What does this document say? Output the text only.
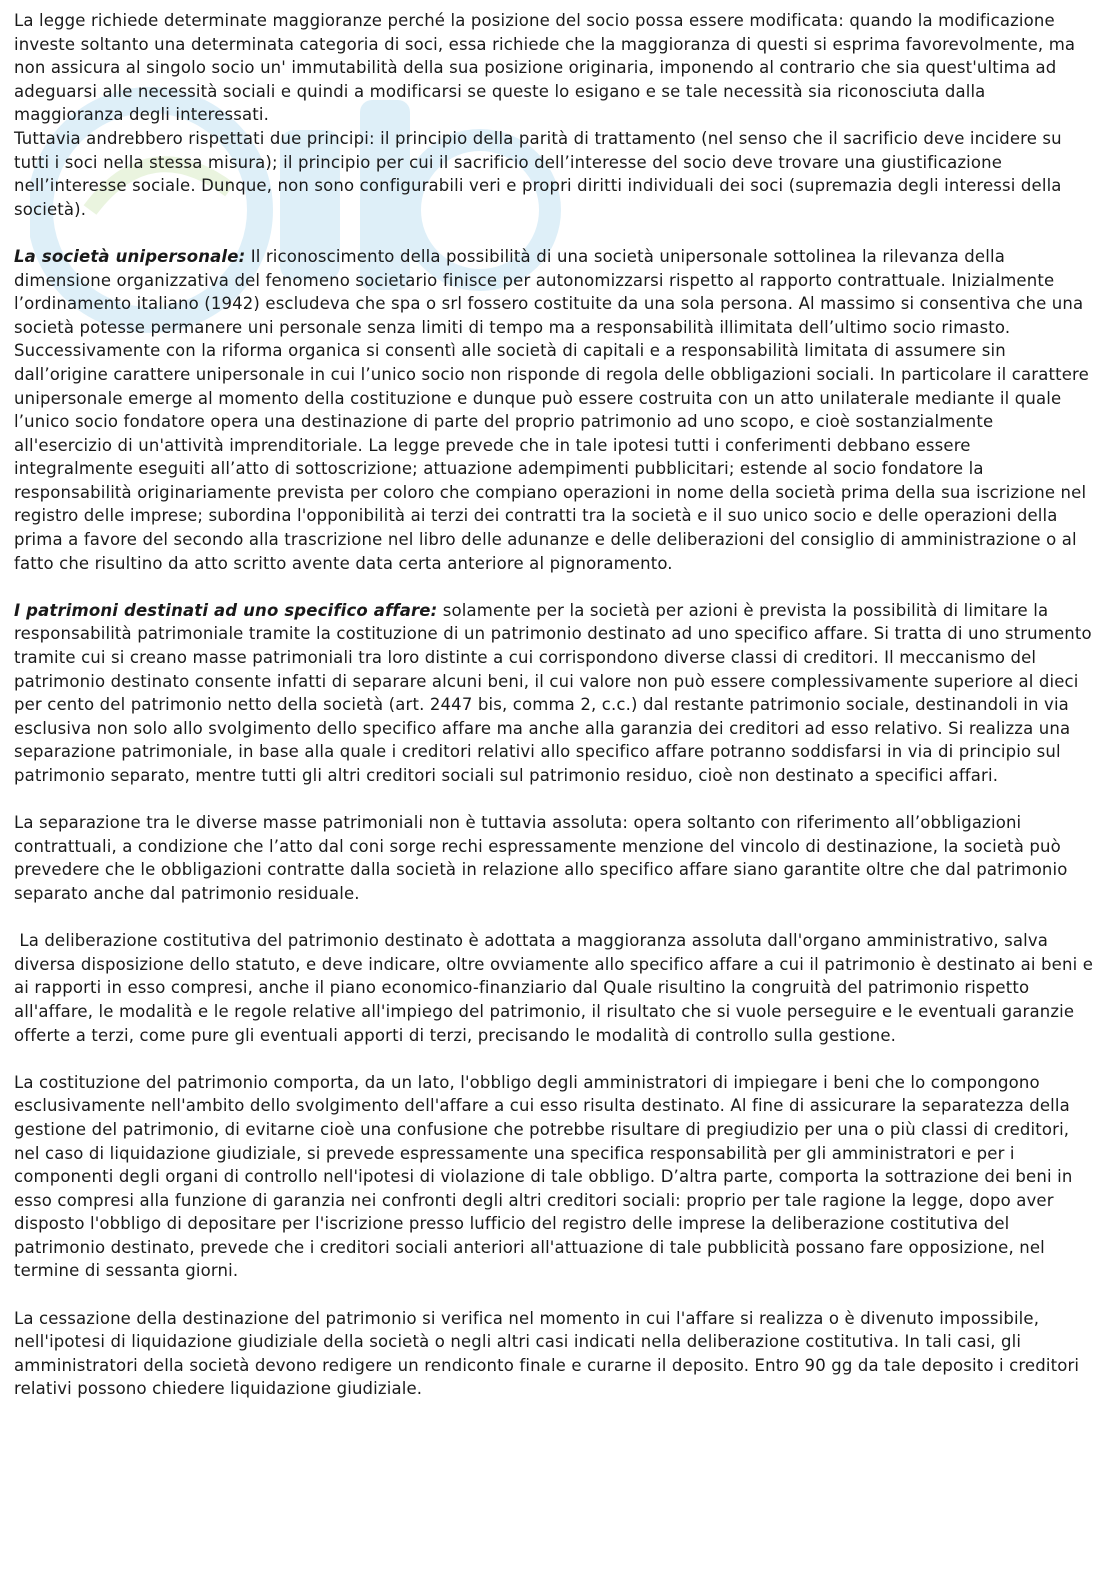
La legge richiede determinate maggioranze perché la posizione del socio possa essere modificata: quando la modificazione investe soltanto una determinata categoria di soci, essa richiede che la maggioranza di questi si esprima favorevolmente, ma non assicura al singolo socio un' immutabilità della sua posizione originaria, imponendo al contrario che sia quest'ultima ad adeguarsi alle necessità sociali e quindi a modificarsi se queste lo esigano e se tale necessità sia riconosciuta dalla maggioranza degli interessati.

Tuttavia andrebbero rispettati due principi: il principio della parità di trattamento (nel senso che il sacrificio deve incidere su tutti i soci nella stessa misura); il principio per cui il sacrificio dell’interesse del socio deve trovare una giustificazione nell’interesse sociale. Dunque, non sono configurabili veri e propri diritti individuali dei soci (supremazia degli interessi della società).

La società unipersonale: Il riconoscimento della possibilità di una società unipersonale sottolinea la rilevanza della dimensione organizzativa del fenomeno societario finisce per autonomizzarsi rispetto al rapporto contrattuale. Inizialmente l’ordinamento italiano (1942) escludeva che spa o srl fossero costituite da una sola persona. Al massimo si consentiva che una società potesse permanere uni personale senza limiti di tempo ma a responsabilità illimitata dell’ultimo socio rimasto. Successivamente con la riforma organica si consentì alle società di capitali e a responsabilità limitata di assumere sin dall’origine carattere unipersonale in cui l’unico socio non risponde di regola delle obbligazioni sociali. In particolare il carattere unipersonale emerge al momento della costituzione e dunque può essere costruita con un atto unilaterale mediante il quale l’unico socio fondatore opera una destinazione di parte del proprio patrimonio ad uno scopo, e cioè sostanzialmente all'esercizio di un'attività imprenditoriale. La legge prevede che in tale ipotesi tutti i conferimenti debbano essere integralmente eseguiti all’atto di sottoscrizione; attuazione adempimenti pubblicitari; estende al socio fondatore la responsabilità originariamente prevista per coloro che compiano operazioni in nome della società prima della sua iscrizione nel registro delle imprese; subordina l'opponibilità ai terzi dei contratti tra la società e il suo unico socio e delle operazioni della prima a favore del secondo alla trascrizione nel libro delle adunanze e delle deliberazioni del consiglio di amministrazione o al fatto che risultino da atto scritto avente data certa anteriore al pignoramento.

I patrimoni destinati ad uno specifico affare: solamente per la società per azioni è prevista la possibilità di limitare la responsabilità patrimoniale tramite la costituzione di un patrimonio destinato ad uno specifico affare. Si tratta di uno strumento tramite cui si creano masse patrimoniali tra loro distinte a cui corrispondono diverse classi di creditori. Il meccanismo del patrimonio destinato consente infatti di separare alcuni beni, il cui valore non può essere complessivamente superiore al dieci per cento del patrimonio netto della società (art. 2447 bis, comma 2, c.c.) dal restante patrimonio sociale, destinandoli in via esclusiva non solo allo svolgimento dello specifico affare ma anche alla garanzia dei creditori ad esso relativo. Si realizza una separazione patrimoniale, in base alla quale i creditori relativi allo specifico affare potranno soddisfarsi in via di principio sul patrimonio separato, mentre tutti gli altri creditori sociali sul patrimonio residuo, cioè non destinato a specifici affari.

La separazione tra le diverse masse patrimoniali non è tuttavia assoluta: opera soltanto con riferimento all’obbligazioni contrattuali, a condizione che l’atto dal coni sorge rechi espressamente menzione del vincolo di destinazione, la società può prevedere che le obbligazioni contratte dalla società in relazione allo specifico affare siano garantite oltre che dal patrimonio separato anche dal patrimonio residuale.

La deliberazione costitutiva del patrimonio destinato è adottata a maggioranza assoluta dall'organo amministrativo, salva diversa disposizione dello statuto, e deve indicare, oltre ovviamente allo specifico affare a cui il patrimonio è destinato ai beni e ai rapporti in esso compresi, anche il piano economico-finanziario dal Quale risultino la congruità del patrimonio rispetto all'affare, le modalità e le regole relative all'impiego del patrimonio, il risultato che si vuole perseguire e le eventuali garanzie offerte a terzi, come pure gli eventuali apporti di terzi, precisando le modalità di controllo sulla gestione.

La costituzione del patrimonio comporta, da un lato, l'obbligo degli amministratori di impiegare i beni che lo compongono esclusivamente nell'ambito dello svolgimento dell'affare a cui esso risulta destinato. Al fine di assicurare la separatezza della gestione del patrimonio, di evitarne cioè una confusione che potrebbe risultare di pregiudizio per una o più classi di creditori, nel caso di liquidazione giudiziale, si prevede espressamente una specifica responsabilità per gli amministratori e per i componenti degli organi di controllo nell'ipotesi di violazione di tale obbligo. D’altra parte, comporta la sottrazione dei beni in esso compresi alla funzione di garanzia nei confronti degli altri creditori sociali: proprio per tale ragione la legge, dopo aver disposto l'obbligo di depositare per l'iscrizione presso lufficio del registro delle imprese la deliberazione costitutiva del patrimonio destinato, prevede che i creditori sociali anteriori all'attuazione di tale pubblicità possano fare opposizione, nel termine di sessanta giorni.

La cessazione della destinazione del patrimonio si verifica nel momento in cui l'affare si realizza o è divenuto impossibile, nell'ipotesi di liquidazione giudiziale della società o negli altri casi indicati nella deliberazione costitutiva. In tali casi, gli amministratori della società devono redigere un rendiconto finale e curarne il deposito. Entro 90 gg da tale deposito i creditori relativi possono chiedere liquidazione giudiziale.
